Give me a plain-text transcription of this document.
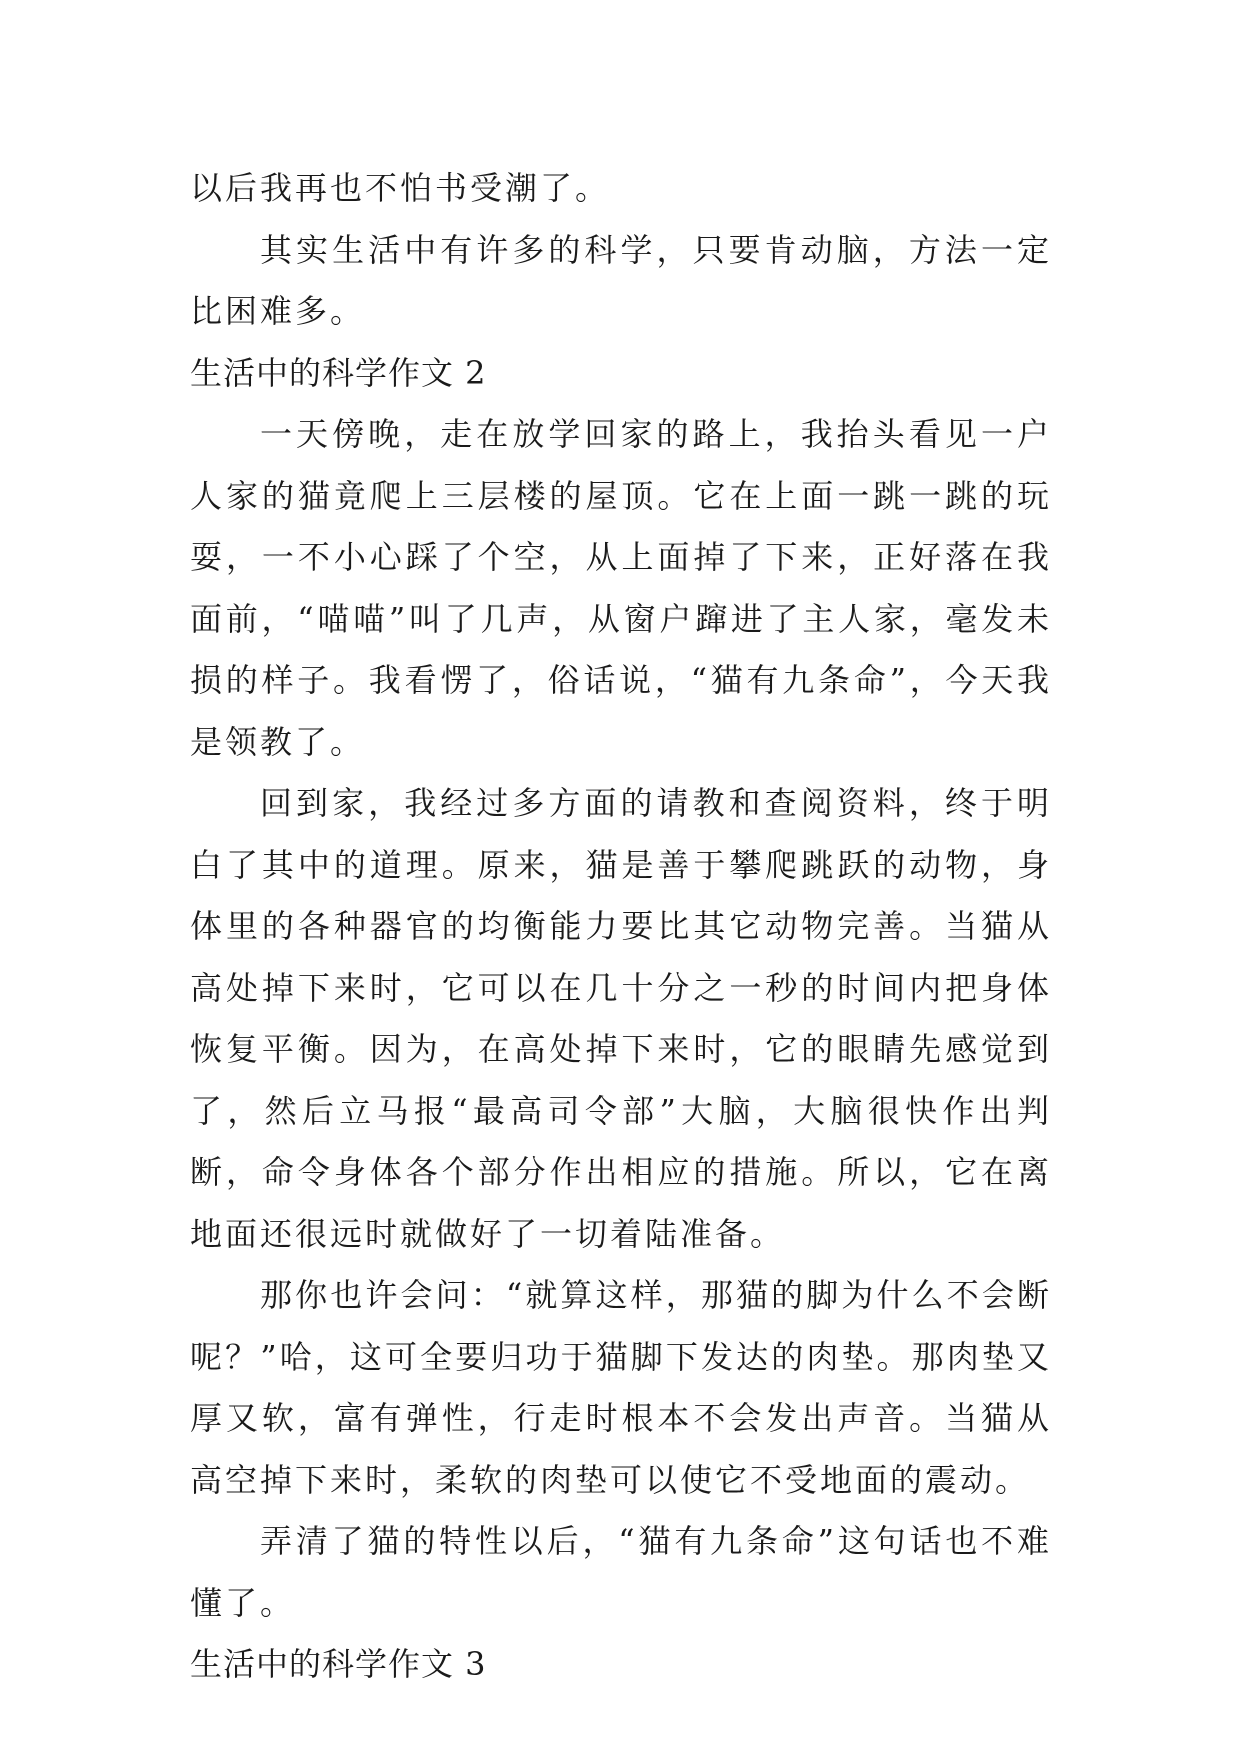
以后我再也不怕书受潮了。

其实生活中有许多的科学，只要肯动脑，方法一定比困难多。

生活中的科学作文 2

一天傍晚，走在放学回家的路上，我抬头看见一户人家的猫竟爬上三层楼的屋顶。它在上面一跳一跳的玩耍，一不小心踩了个空，从上面掉了下来，正好落在我面前，“喵喵”叫了几声，从窗户蹿进了主人家，毫发未损的样子。我看愣了，俗话说，“猫有九条命”，今天我是领教了。

回到家，我经过多方面的请教和查阅资料，终于明白了其中的道理。原来，猫是善于攀爬跳跃的动物，身体里的各种器官的均衡能力要比其它动物完善。当猫从高处掉下来时，它可以在几十分之一秒的时间内把身体恢复平衡。因为，在高处掉下来时，它的眼睛先感觉到了，然后立马报“最高司令部”大脑，大脑很快作出判断，命令身体各个部分作出相应的措施。所以，它在离地面还很远时就做好了一切着陆准备。

那你也许会问：“就算这样，那猫的脚为什么不会断呢？”哈，这可全要归功于猫脚下发达的肉垫。那肉垫又厚又软，富有弹性，行走时根本不会发出声音。当猫从高空掉下来时，柔软的肉垫可以使它不受地面的震动。

弄清了猫的特性以后，“猫有九条命”这句话也不难懂了。

生活中的科学作文 3
